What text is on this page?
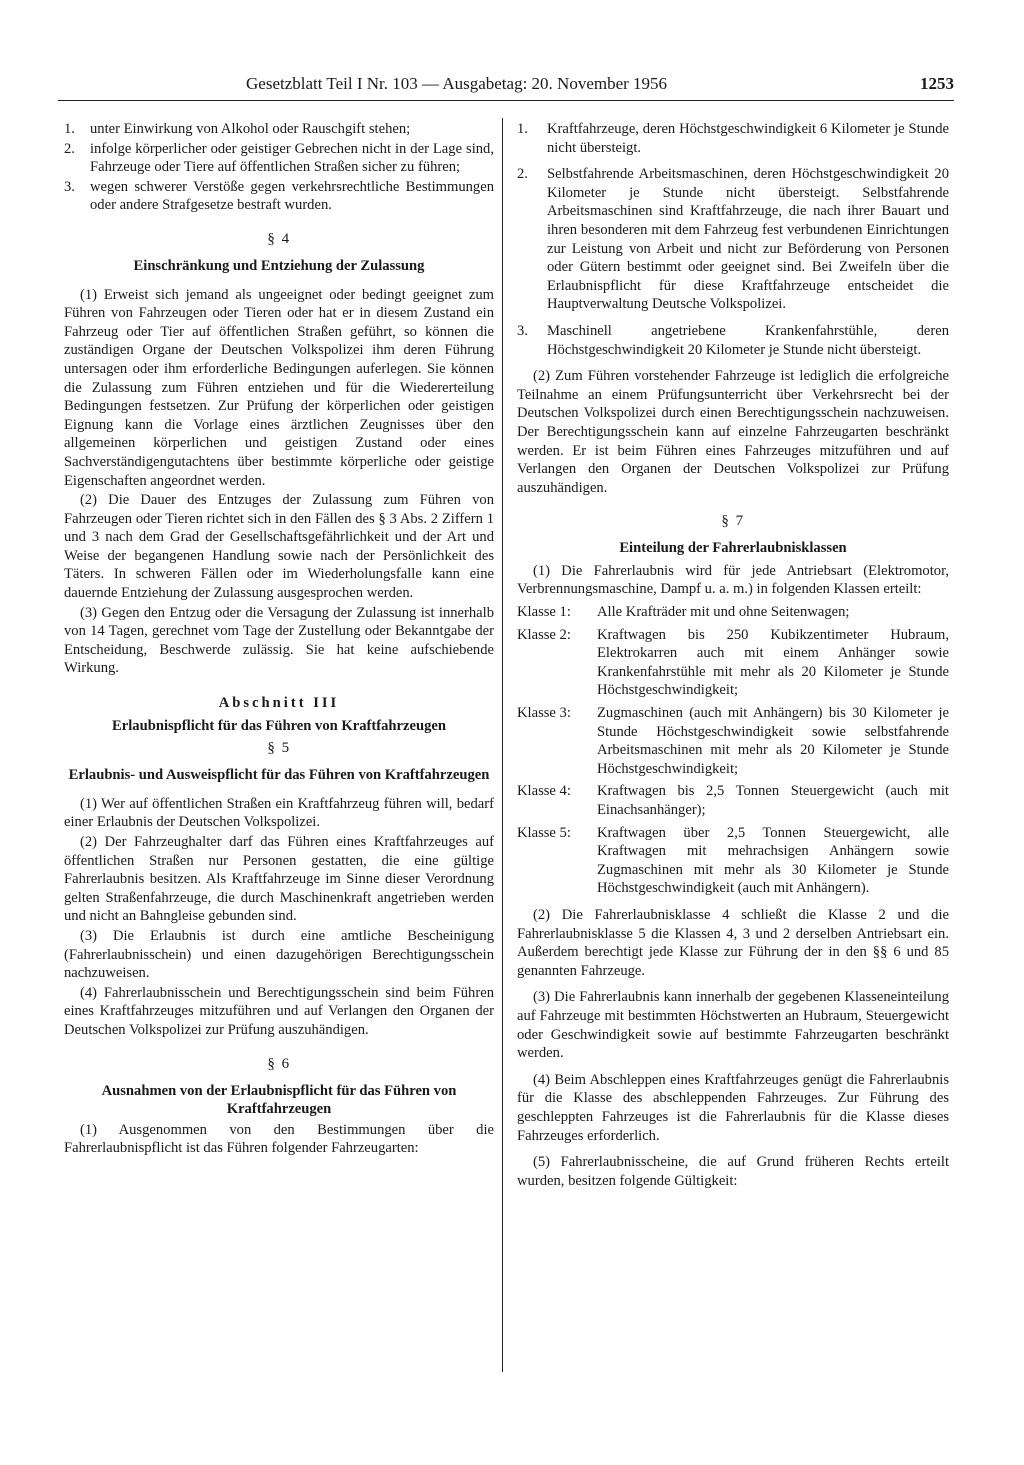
Gesetzblatt Teil I Nr. 103 — Ausgabetag: 20. November 1956	1253
1.	unter Einwirkung von Alkohol oder Rauschgift stehen;
2.	infolge körperlicher oder geistiger Gebrechen nicht in der Lage sind, Fahrzeuge oder Tiere auf öffentlichen Straßen sicher zu führen;
3.	wegen schwerer Verstöße gegen verkehrsrechtliche Bestimmungen oder andere Strafgesetze bestraft wurden.

§ 4

Einschränkung und Entziehung der Zulassung

(1) Erweist sich jemand als ungeeignet oder bedingt geeignet zum Führen von Fahrzeugen oder Tieren oder hat er in diesem Zustand ein Fahrzeug oder Tier auf öffentlichen Straßen geführt, so können die zuständigen Organe der Deutschen Volkspolizei ihm deren Führung untersagen oder ihm erforderliche Bedingungen auferlegen. Sie können die Zulassung zum Führen entziehen und für die Wiedererteilung Bedingungen festsetzen. Zur Prüfung der körperlichen oder geistigen Eignung kann die Vorlage eines ärztlichen Zeugnisses über den allgemeinen körperlichen und geistigen Zustand oder eines Sachverständigengutachtens über bestimmte körperliche oder geistige Eigenschaften angeordnet werden.

(2) Die Dauer des Entzuges der Zulassung zum Führen von Fahrzeugen oder Tieren richtet sich in den Fällen des § 3 Abs. 2 Ziffern 1 und 3 nach dem Grad der Gesellschaftsgefährlichkeit und der Art und Weise der begangenen Handlung sowie nach der Persönlichkeit des Täters. In schweren Fällen oder im Wiederholungsfalle kann eine dauernde Entziehung der Zulassung ausgesprochen werden.

(3) Gegen den Entzug oder die Versagung der Zulassung ist innerhalb von 14 Tagen, gerechnet vom Tage der Zustellung oder Bekanntgabe der Entscheidung, Beschwerde zulässig. Sie hat keine aufschiebende Wirkung.

Abschnitt III

Erlaubnispflicht für das Führen von Kraftfahrzeugen

§ 5

Erlaubnis- und Ausweispflicht für das Führen von Kraftfahrzeugen

(1) Wer auf öffentlichen Straßen ein Kraftfahrzeug führen will, bedarf einer Erlaubnis der Deutschen Volkspolizei.

(2) Der Fahrzeughalter darf das Führen eines Kraftfahrzeuges auf öffentlichen Straßen nur Personen gestatten, die eine gültige Fahrerlaubnis besitzen. Als Kraftfahrzeuge im Sinne dieser Verordnung gelten Straßenfahrzeuge, die durch Maschinenkraft angetrieben werden und nicht an Bahngleise gebunden sind.

(3) Die Erlaubnis ist durch eine amtliche Bescheinigung (Fahrerlaubnisschein) und einen dazugehörigen Berechtigungsschein nachzuweisen.

(4) Fahrerlaubnisschein und Berechtigungsschein sind beim Führen eines Kraftfahrzeuges mitzuführen und auf Verlangen den Organen der Deutschen Volkspolizei zur Prüfung auszuhändigen.

§ 6

Ausnahmen von der Erlaubnispflicht für das Führen von Kraftfahrzeugen

(1) Ausgenommen von den Bestimmungen über die Fahrerlaubnispflicht ist das Führen folgender Fahrzeugarten:

1.	Kraftfahrzeuge, deren Höchstgeschwindigkeit 6 Kilometer je Stunde nicht übersteigt.
2.	Selbstfahrende Arbeitsmaschinen, deren Höchstgeschwindigkeit 20 Kilometer je Stunde nicht übersteigt. Selbstfahrende Arbeitsmaschinen sind Kraftfahrzeuge, die nach ihrer Bauart und ihren besonderen mit dem Fahrzeug fest verbundenen Einrichtungen zur Leistung von Arbeit und nicht zur Beförderung von Personen oder Gütern bestimmt oder geeignet sind. Bei Zweifeln über die Erlaubnispflicht für diese Kraftfahrzeuge entscheidet die Hauptverwaltung Deutsche Volkspolizei.
3.	Maschinell angetriebene Krankenfahrstühle, deren Höchstgeschwindigkeit 20 Kilometer je Stunde nicht übersteigt.

(2) Zum Führen vorstehender Fahrzeuge ist lediglich die erfolgreiche Teilnahme an einem Prüfungsunterricht über Verkehrsrecht bei der Deutschen Volkspolizei durch einen Berechtigungsschein nachzuweisen. Der Berechtigungsschein kann auf einzelne Fahrzeugarten beschränkt werden. Er ist beim Führen eines Fahrzeuges mitzuführen und auf Verlangen den Organen der Deutschen Volkspolizei zur Prüfung auszuhändigen.

§ 7

Einteilung der Fahrerlaubnisklassen

(1) Die Fahrerlaubnis wird für jede Antriebsart (Elektromotor, Verbrennungsmaschine, Dampf u. a. m.) in folgenden Klassen erteilt:

Klasse 1:	Alle Krafträder mit und ohne Seitenwagen;
Klasse 2:	Kraftwagen bis 250 Kubikzentimeter Hubraum, Elektrokarren auch mit einem Anhänger sowie Krankenfahrstühle mit mehr als 20 Kilometer je Stunde Höchstgeschwindigkeit;
Klasse 3:	Zugmaschinen (auch mit Anhängern) bis 30 Kilometer je Stunde Höchstgeschwindigkeit sowie selbstfahrende Arbeitsmaschinen mit mehr als 20 Kilometer je Stunde Höchstgeschwindigkeit;
Klasse 4:	Kraftwagen bis 2,5 Tonnen Steuergewicht (auch mit Einachsanhänger);
Klasse 5:	Kraftwagen über 2,5 Tonnen Steuergewicht, alle Kraftwagen mit mehrachsigen Anhängern sowie Zugmaschinen mit mehr als 30 Kilometer je Stunde Höchstgeschwindigkeit (auch mit Anhängern).

(2) Die Fahrerlaubnisklasse 4 schließt die Klasse 2 und die Fahrerlaubnisklasse 5 die Klassen 4, 3 und 2 derselben Antriebsart ein. Außerdem berechtigt jede Klasse zur Führung der in den §§ 6 und 85 genannten Fahrzeuge.

(3) Die Fahrerlaubnis kann innerhalb der gegebenen Klasseneinteilung auf Fahrzeuge mit bestimmten Höchstwerten an Hubraum, Steuergewicht oder Geschwindigkeit sowie auf bestimmte Fahrzeugarten beschränkt werden.

(4) Beim Abschleppen eines Kraftfahrzeuges genügt die Fahrerlaubnis für die Klasse des abschleppenden Fahrzeuges. Zur Führung des geschleppten Fahrzeuges ist die Fahrerlaubnis für die Klasse dieses Fahrzeuges erforderlich.

(5) Fahrerlaubnisscheine, die auf Grund früheren Rechts erteilt wurden, besitzen folgende Gültigkeit:
